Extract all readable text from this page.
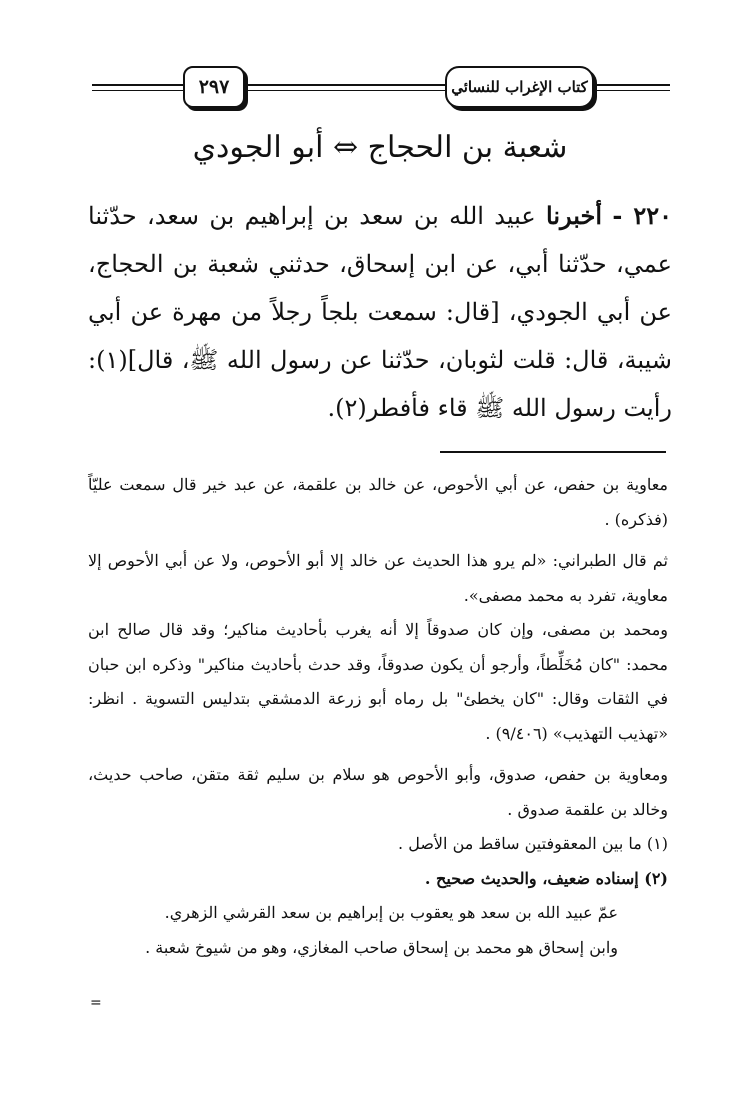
كتاب الإغراب للنسائي
٢٩٧
شعبة بن الحجاج ⇔ أبو الجودي

٢٢٠ - أخبرنا عبيد الله بن سعد بن إبراهيم بن سعد، حدّثنا عمي، حدّثنا أبي، عن ابن إسحاق، حدثني شعبة بن الحجاج، عن أبي الجودي، [قال: سمعت بلجاً رجلاً من مهرة عن أبي شيبة، قال: قلت لثوبان، حدّثنا عن رسول الله ﷺ، قال](١): رأيت رسول الله ﷺ قاء فأفطر(٢).

معاوية بن حفص، عن أبي الأحوص، عن خالد بن علقمة، عن عبد خير قال سمعت عليّاً (فذكره) .

ثم قال الطبراني: «لم يرو هذا الحديث عن خالد إلا أبو الأحوص، ولا عن أبي الأحوص إلا معاوية، تفرد به محمد مصفى».

ومحمد بن مصفى، وإن كان صدوقاً إلا أنه يغرب بأحاديث مناكير؛ وقد قال صالح ابن محمد: "كان مُخَلِّطاً، وأرجو أن يكون صدوقاً، وقد حدث بأحاديث مناكير" وذكره ابن حبان في الثقات وقال: "كان يخطئ" بل رماه أبو زرعة الدمشقي بتدليس التسوية . انظر: «تهذيب التهذيب» (٩/٤٠٦) .

ومعاوية بن حفص، صدوق، وأبو الأحوص هو سلام بن سليم ثقة متقن، صاحب حديث، وخالد بن علقمة صدوق .

(١) ما بين المعقوفتين ساقط من الأصل .

(٢) إسناده ضعيف، والحديث صحيح .

عمّ عبيد الله بن سعد هو يعقوب بن إبراهيم بن سعد القرشي الزهري.

وابن إسحاق هو محمد بن إسحاق صاحب المغازي، وهو من شيوخ شعبة .

=
